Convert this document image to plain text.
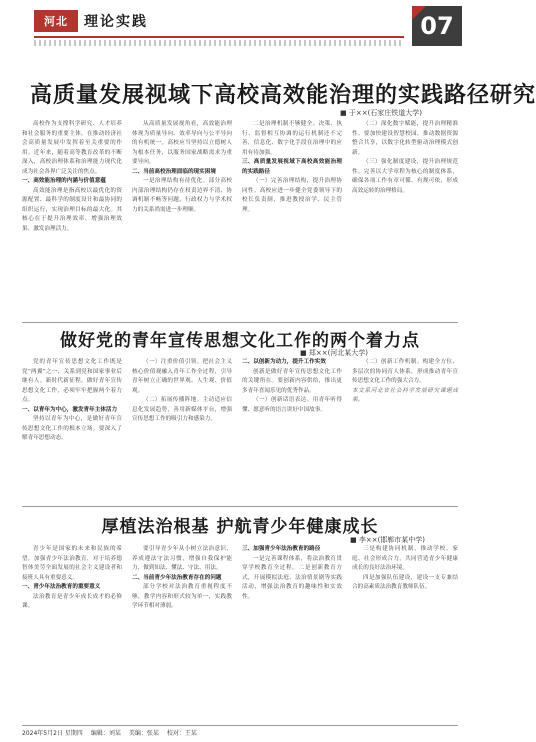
河北	理论实践	07
高质量发展视域下高校高效能治理的实践路径研究
■ 于××(石家庄铁道大学)

高校作为支撑科学研究、人才培养和社会服务的重要主体，在推动经济社会高质量发展中发挥着至关重要的作用。近年来，随着高等教育改革的不断深入，高校治理体系和治理能力现代化成为社会各界广泛关注的焦点。

一、高效能治理的内涵与价值意蕴

高效能治理是指高校以最优化的资源配置、最科学的制度设计和最协同的组织运行，实现治理目标的最大化。其核心在于提升治理效率、增强治理效果、激发治理活力。

从高质量发展视角看，高效能治理体现为质量导向、效率导向与公平导向的有机统一。高校应当坚持以立德树人为根本任务，以服务国家战略需求为重要导向。

二、当前高校治理面临的现实困境

一是治理结构有待优化。部分高校内部治理结构仍存在权责边界不清、协调机制不畅等问题，行政权力与学术权力的关系尚需进一步理顺。

二是治理机制不够健全。决策、执行、监督相互协调的运行机制还不完善，信息化、数字化手段在治理中的应用有待加强。

三、高质量发展视域下高校高效能治理的实践路径

（一）完善治理结构，提升治理协同性。高校应进一步健全党委领导下的校长负责制，推进教授治学、民主管理。

（二）深化数字赋能，提升治理精准性。要加快建设智慧校园，推动数据资源整合共享，以数字化转型驱动治理模式创新。

（三）强化制度建设，提升治理规范性。完善以大学章程为核心的制度体系，确保各项工作有章可循、有规可依，形成高效运转的治理格局。

做好党的青年宣传思想文化工作的两个着力点
■ 郑××(河北某大学)

党的青年宣传思想文化工作既是党“两翼”之一，关系到党和国家事业后继有人。新时代新征程，做好青年宣传思想文化工作，必须牢牢把握两个着力点。

一、以青年为中心，激发青年主体活力

坚持以青年为中心，是做好青年宣传思想文化工作的根本立场。要深入了解青年思想动态。

（一）注重价值引领。把社会主义核心价值观融入青年工作全过程，引导青年树立正确的世界观、人生观、价值观。

（二）拓展传播阵地。主动适应信息化发展趋势，善用新媒体平台，增强宣传思想工作的吸引力和感染力。

二、以创新为动力，提升工作实效

创新是做好青年宣传思想文化工作的关键所在。要创新内容供给，推出更多青年喜闻乐见的优秀作品。

（一）创新话语表达。用青年听得懂、愿意听的语言讲好中国故事。

（二）创新工作机制。构建全方位、多层次的协同育人体系，形成推动青年宣传思想文化工作的强大合力。

本文系河北省社会科学发展研究课题成果。

厚植法治根基 护航青少年健康成长
■ 李××(邯郸市某中学)

青少年是国家的未来和民族的希望。加强青少年法治教育，对于培养德智体美劳全面发展的社会主义建设者和接班人具有重要意义。

一、青少年法治教育的重要意义

法治教育是青少年成长成才的必修课。

要引导青少年从小树立法治意识，养成遵法守法习惯，增强自我保护能力，做到知法、懂法、守法、用法。

二、当前青少年法治教育存在的问题

部分学校对法治教育重视程度不够，教学内容和形式较为单一，实践教学环节相对薄弱。

三、加强青少年法治教育的路径

一是完善课程体系，将法治教育贯穿学校教育全过程。二是创新教育方式，开展模拟法庭、法治情景剧等实践活动，增强法治教育的趣味性和实效性。

三是构建协同机制，推动学校、家庭、社会形成合力，共同营造青少年健康成长的良好法治环境。

四是加强队伍建设，建设一支专兼结合的高素质法治教育教师队伍。

2024年5月2日 星期四 编辑：刘某 美编：张某 校对：王某
